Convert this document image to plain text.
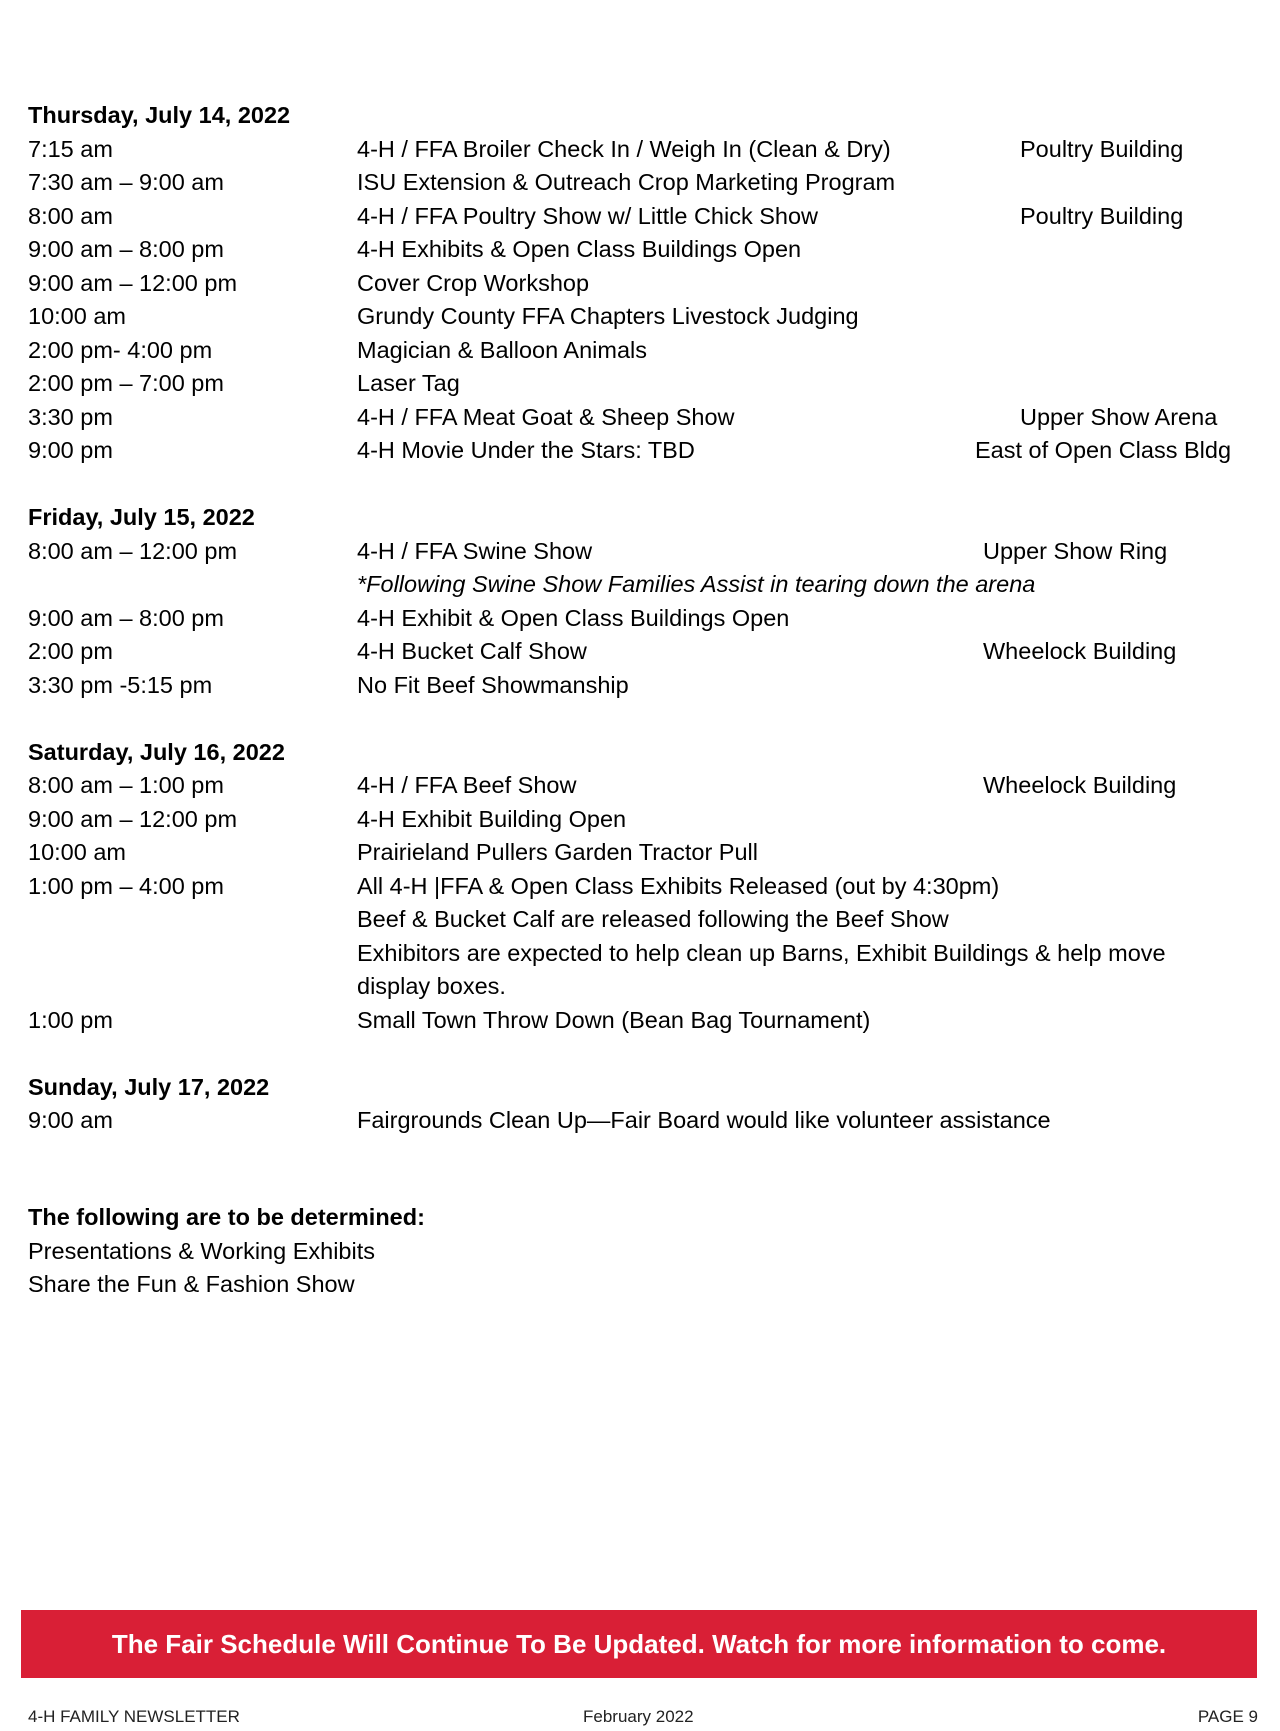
Thursday, July 14, 2022
7:15 am	4-H / FFA Broiler Check In / Weigh In (Clean & Dry)	Poultry Building
7:30 am – 9:00 am	ISU Extension & Outreach Crop Marketing Program
8:00 am	4-H / FFA Poultry Show w/ Little Chick Show	Poultry Building
9:00 am – 8:00 pm	4-H Exhibits & Open Class Buildings Open
9:00 am – 12:00 pm	Cover Crop Workshop
10:00 am	Grundy County FFA Chapters Livestock Judging
2:00 pm- 4:00 pm	Magician & Balloon Animals
2:00 pm – 7:00 pm	Laser Tag
3:30 pm	4-H / FFA Meat Goat & Sheep Show	Upper Show Arena
9:00 pm	4-H Movie Under the Stars: TBD	East of Open Class Bldg
Friday, July 15, 2022
8:00 am – 12:00 pm	4-H / FFA Swine Show	Upper Show Ring
*Following Swine Show Families Assist in tearing down the arena
9:00 am – 8:00 pm	4-H Exhibit & Open Class Buildings Open
2:00 pm	4-H Bucket Calf Show	Wheelock Building
3:30 pm -5:15 pm	No Fit Beef Showmanship
Saturday, July 16, 2022
8:00 am – 1:00 pm	4-H / FFA Beef Show	Wheelock Building
9:00 am – 12:00 pm	4-H Exhibit Building Open
10:00 am	Prairieland Pullers Garden Tractor Pull
1:00 pm – 4:00 pm	All 4-H |FFA & Open Class Exhibits Released (out by 4:30pm)
Beef & Bucket Calf are released following the Beef Show
Exhibitors are expected to help clean up Barns, Exhibit Buildings & help move
display boxes.
1:00 pm	Small Town Throw Down (Bean Bag Tournament)
Sunday, July 17, 2022
9:00 am	Fairgrounds Clean Up—Fair Board would like volunteer assistance
The following are to be determined:
Presentations & Working Exhibits
Share the Fun & Fashion Show
The Fair Schedule Will Continue To Be Updated. Watch for more information to come.
4-H FAMILY NEWSLETTER	February 2022	PAGE 9
